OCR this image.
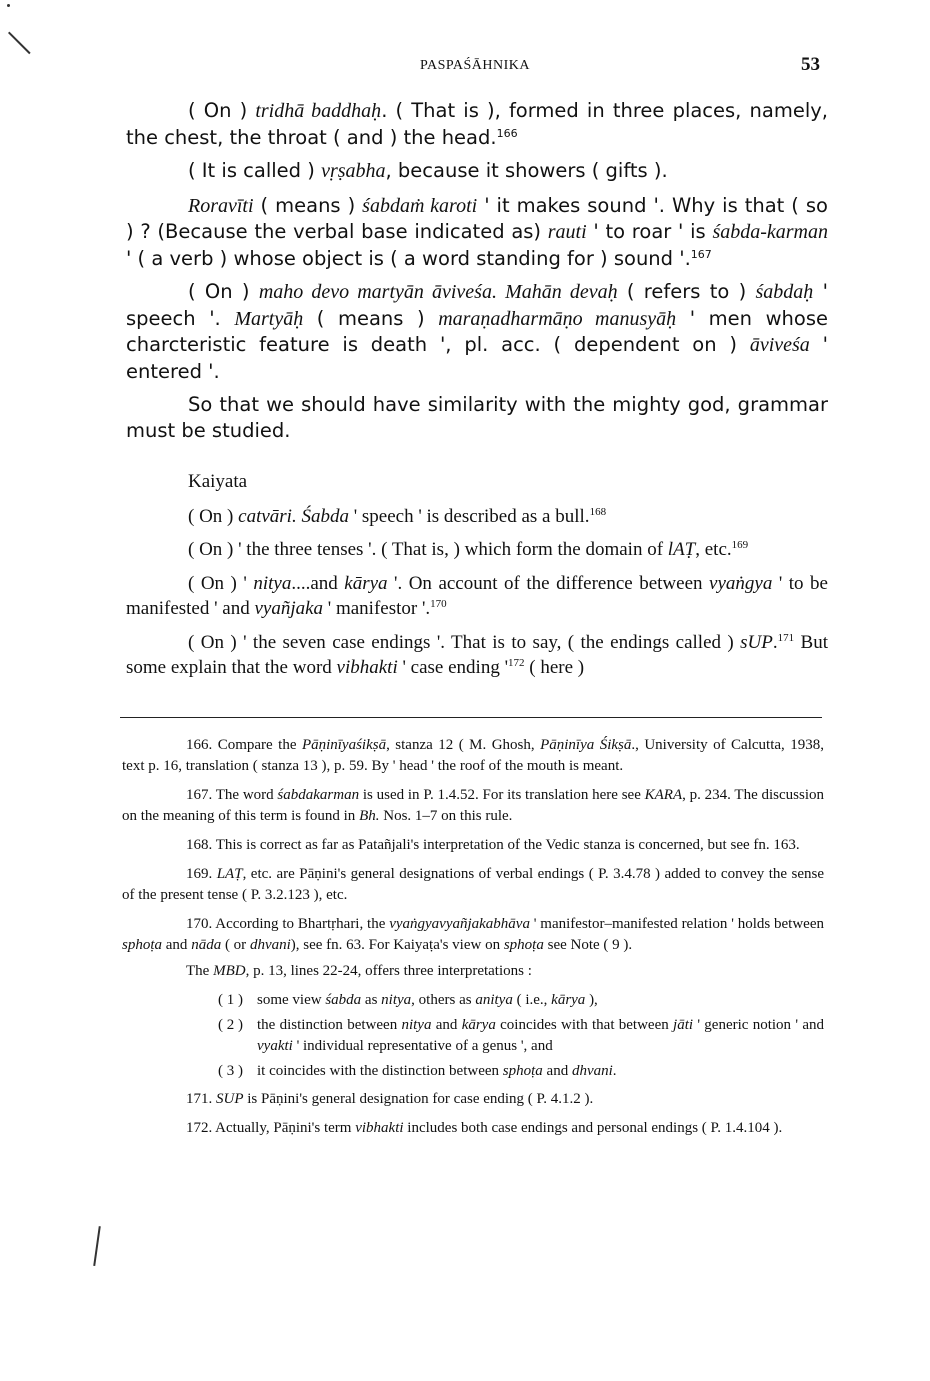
PASPAŚĀHNIKA	53

( On ) tridhā baddhaḥ. ( That is ), formed in three places, namely, the chest, the throat ( and ) the head.$^{166}$

( It is called ) vṛṣabha, because it showers ( gifts ).

Roravīti ( means ) śabdaṁ karoti ' it makes sound '. Why is that ( so ) ? (Because the verbal base indicated as) rauti ' to roar ' is śabda-karman ' ( a verb ) whose object is ( a word standing for ) sound '.$^{167}$

( On ) maho devo martyān āviveśa. Mahān devaḥ ( refers to ) śabdaḥ ' speech '. Martyāḥ ( means ) maraṇadharmāṇo manusyāḥ ' men whose charcteristic feature is death ', pl. acc. ( dependent on ) āviveśa ' entered '.

So that we should have similarity with the mighty god, grammar must be studied.

Kaiyata

( On ) catvāri. Śabda ' speech ' is described as a bull.$^{168}$

( On ) ' the three tenses '. ( That is, ) which form the domain of lAṬ, etc.$^{169}$

( On ) ' nitya....and kārya '. On account of the difference between vyaṅgya ' to be manifested ' and vyañjaka ' manifestor '.$^{170}$

( On ) ' the seven case endings '. That is to say, ( the endings called ) sUP.$^{171}$ But some explain that the word vibhakti ' case ending '$^{172}$ ( here )

166. Compare the Pāṇinīyaśikṣā, stanza 12 ( M. Ghosh, Pāṇinīya Śikṣā., University of Calcutta, 1938, text p. 16, translation ( stanza 13 ), p. 59. By ' head ' the roof of the mouth is meant.

167. The word śabdakarman is used in P. 1.4.52. For its translation here see KARA, p. 234. The discussion on the meaning of this term is found in Bh. Nos. 1–7 on this rule.

168. This is correct as far as Patañjali's interpretation of the Vedic stanza is concerned, but see fn. 163.

169. LAṬ, etc. are Pāṇini's general designations of verbal endings ( P. 3.4.78 ) added to convey the sense of the present tense ( P. 3.2.123 ), etc.

170. According to Bhartṛhari, the vyaṅgyavyañjakabhāva ' manifestor–manifested relation ' holds between sphoṭa and nāda ( or dhvani), see fn. 63. For Kaiyaṭa's view on sphoṭa see Note ( 9 ).

The MBD, p. 13, lines 22-24, offers three interpretations :

( 1 ) some view śabda as nitya, others as anitya ( i.e., kārya ),
( 2 ) the distinction between nitya and kārya coincides with that between jāti ' generic notion ' and vyakti ' individual representative of a genus ', and
( 3 ) it coincides with the distinction between sphoṭa and dhvani.

171. SUP is Pāṇini's general designation for case ending ( P. 4.1.2 ).

172. Actually, Pāṇini's term vibhakti includes both case endings and personal endings ( P. 1.4.104 ).
